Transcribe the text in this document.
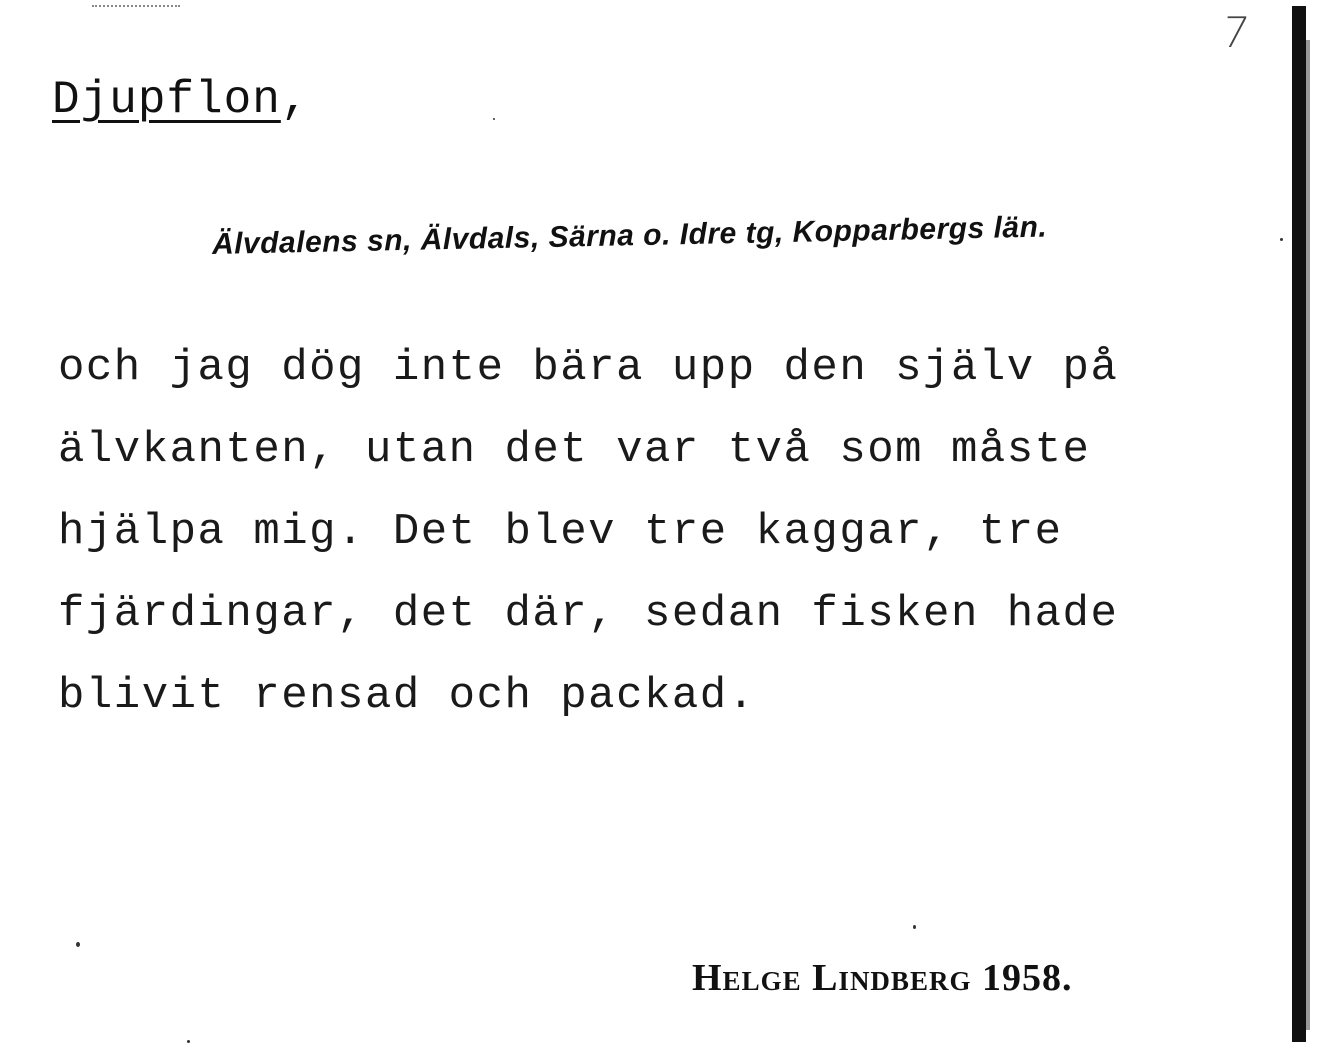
7
Djupflon,
Älvdalens sn, Älvdals, Särna o. Idre tg, Kopparbergs län.
och jag dög inte bära upp den själv på
älvkanten, utan det var två som måste
hjälpa mig. Det blev tre kaggar, tre
fjärdingar, det där, sedan fisken hade
blivit rensad och packad.
Helge Lindberg 1958.
